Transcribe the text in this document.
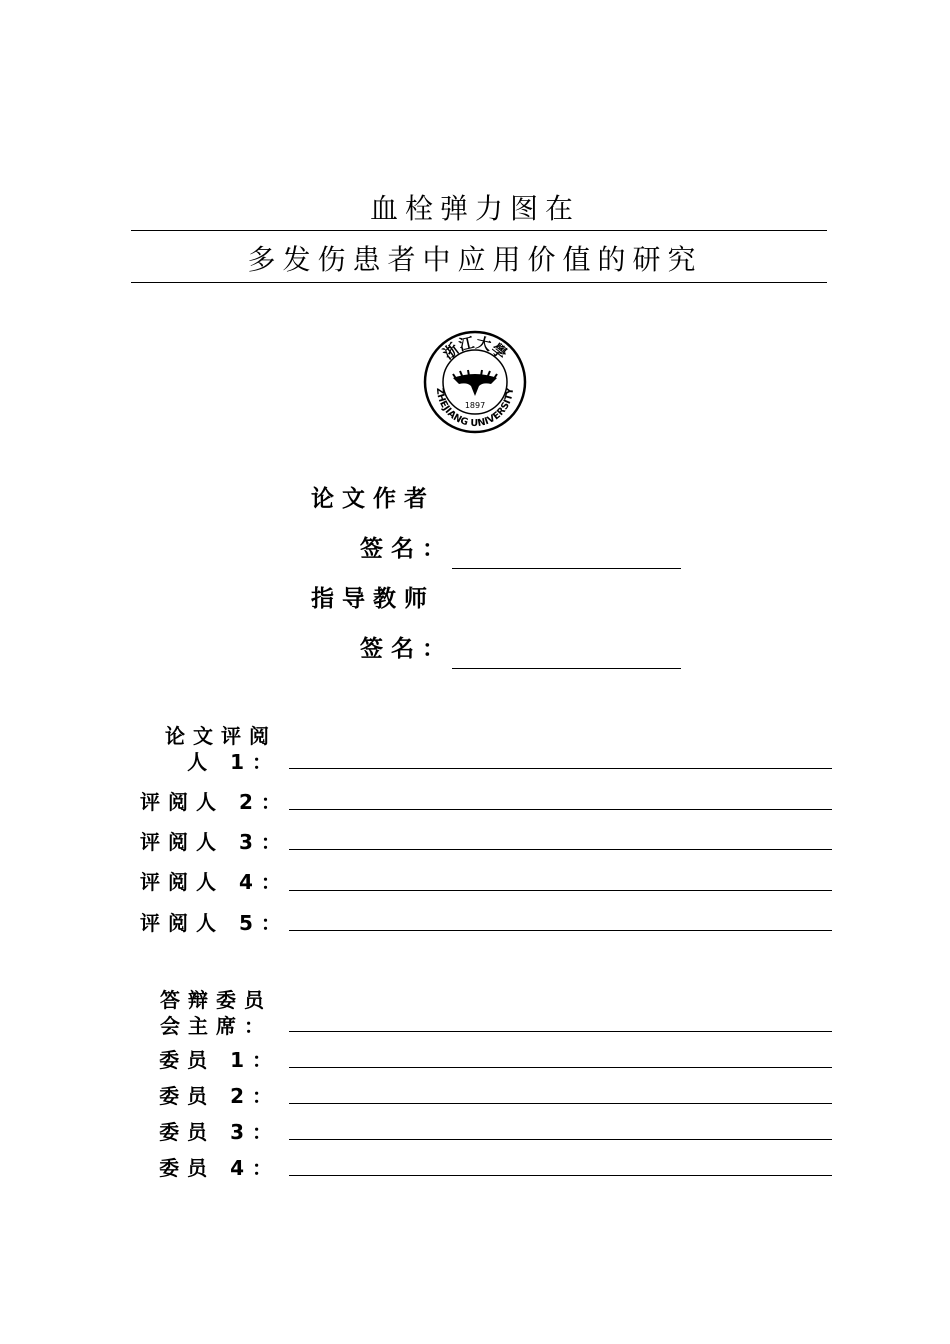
血栓弹力图在
多发伤患者中应用价值的研究
浙江大學
ZHEJIANG UNIVERSITY
1897
论文作者
签名：
指导教师
签名：
论文评阅
人 1：
评阅人 2：
评阅人 3：
评阅人 4：
评阅人 5：
答辩委员
会主席：
委员 1：
委员 2：
委员 3：
委员 4：
